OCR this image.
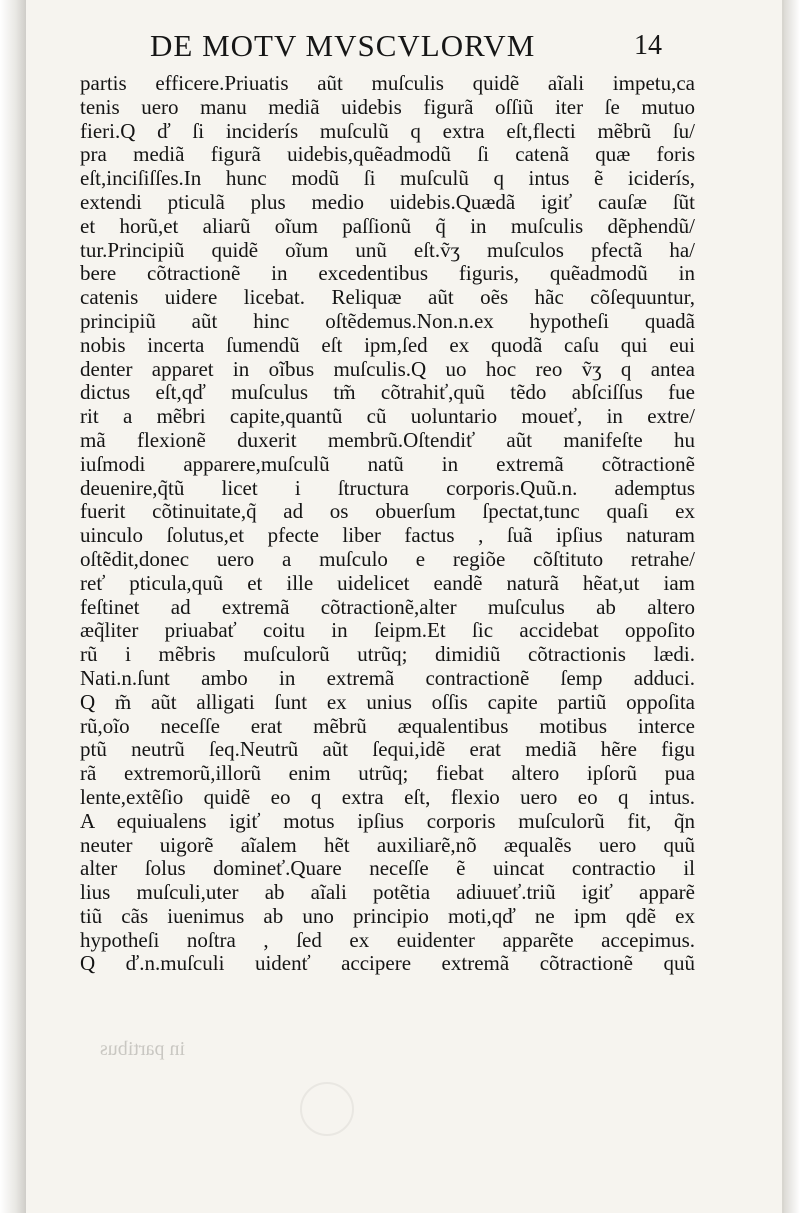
DE MOTV MVSCVLORVM	14
partis efficere.Priuatis aũt muſculis quidẽ aĩali impetu,ca
tenis uero manu mediã uidebis figurã oſſiũ iter ſe mutuo
fieri.Q ď ſi inciderís muſculũ q extra eſt,flecti mẽbrũ ſu/
pra mediã figurã uidebis,quẽadmodũ ſi catenã quæ foris
eſt,inciſiſſes.In hunc modũ ſi muſculũ q intus ẽ iciderís,
extendi pticulã plus medio uidebis.Quædã igiť cauſæ ſũt
et horũ,et aliarũ oĩum paſſionũ q̃ in muſculis dẽphendũ/
tur.Principiũ quidẽ oĩum unũ eſt.ṽʒ muſculos pfectã ha/
bere cõtractionẽ in excedentibus figuris, quẽadmodũ in
catenis uidere licebat. Reliquæ aũt oẽs hãc cõſequuntur,
principiũ aũt hinc oſtẽdemus.Non.n.ex hypotheſi quadã
nobis incerta ſumendũ eſt ipm,ſed ex quodã caſu qui eui
denter apparet in oĩbus muſculis.Q uo hoc reo ṽʒ q antea
dictus eſt,qď muſculus tm̃ cõtrahiť,quũ tẽdo abſciſſus fue
rit a mẽbri capite,quantũ cũ uoluntario moueť, in extre/
mã flexionẽ duxerit membrũ.Oſtendiť aũt manifeſte hu
iuſmodi apparere,muſculũ natũ in extremã cõtractionẽ
deuenire,q̃tũ licet i ſtructura corporis.Quũ.n. ademptus
fuerit cõtinuitate,q̃ ad os obuerſum ſpectat,tunc quaſi ex
uinculo ſolutus,et pfecte liber factus , ſuã ipſius naturam
oſtẽdit,donec uero a muſculo e regiõe cõſtituto retrahe/
reť pticula,quũ et ille uidelicet eandẽ naturã hẽat,ut iam
feſtinet ad extremã cõtractionẽ,alter muſculus ab altero
æq̃liter priuabať coitu in ſeipm.Et ſic accidebat oppoſito
rũ i mẽbris muſculorũ utrũq; dimidiũ cõtractionis lædi.
Nati.n.ſunt ambo in extremã contractionẽ ſemp adduci.
Q m̃ aũt alligati ſunt ex unius oſſis capite partiũ oppoſita
rũ,oĩo neceſſe erat mẽbrũ æqualentibus motibus interce
ptũ neutrũ ſeq.Neutrũ aũt ſequi,idẽ erat mediã hẽre figu
rã extremorũ,illorũ enim utrũq; fiebat altero ipſorũ pua
lente,extẽſio quidẽ eo q extra eſt, flexio uero eo q intus.
A equiualens igiť motus ipſius corporis muſculorũ fit, q̃n
neuter uigorẽ aĩalem hẽt auxiliarẽ,nõ æqualẽs uero quũ
alter ſolus domineť.Quare neceſſe ẽ uincat contractio il
lius muſculi,uter ab aĩali potẽtia adiuueť.triũ igiť apparẽ
tiũ cãs iuenimus ab uno principio moti,qď ne ipm qdẽ ex
hypotheſi noſtra , ſed ex euidenter apparẽte accepimus.
Q ď.n.muſculi uidenť accipere extremã cõtractionẽ quũ
in partibus
